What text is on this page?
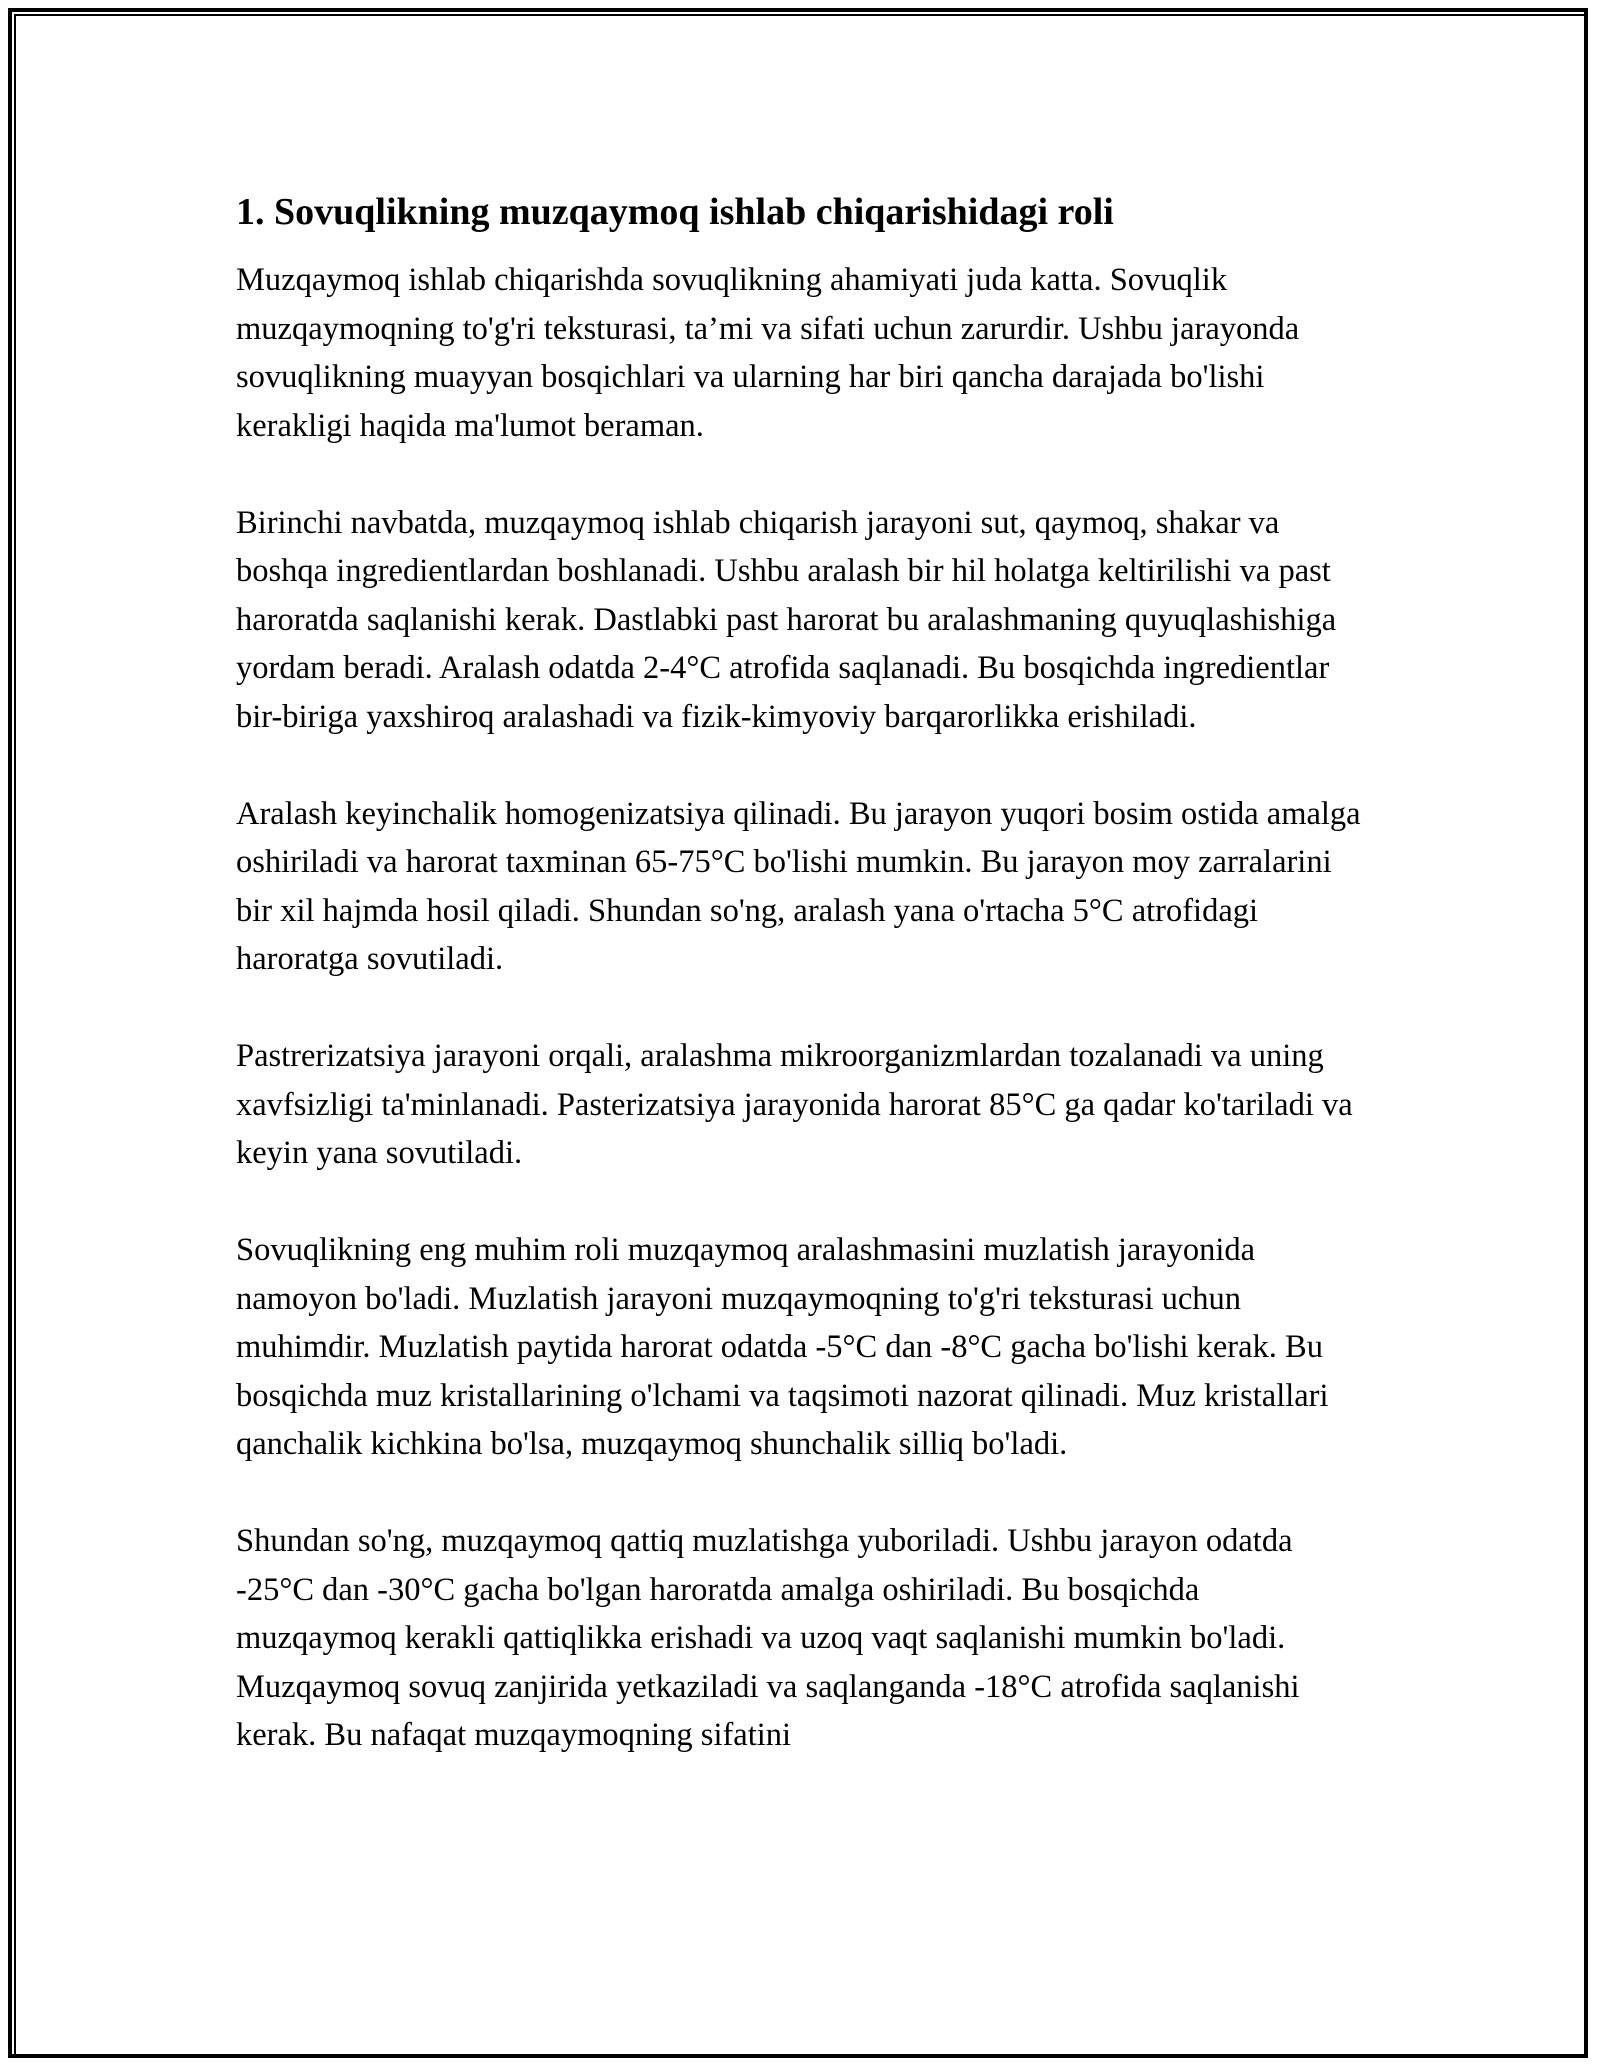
1. Sovuqlikning muzqaymoq ishlab chiqarishidagi roli

Muzqaymoq ishlab chiqarishda sovuqlikning ahamiyati juda katta. Sovuqlik muzqaymoqning to'g'ri teksturasi, ta’mi va sifati uchun zarurdir. Ushbu jarayonda sovuqlikning muayyan bosqichlari va ularning har biri qancha darajada bo'lishi kerakligi haqida ma'lumot beraman.

Birinchi navbatda, muzqaymoq ishlab chiqarish jarayoni sut, qaymoq, shakar va boshqa ingredientlardan boshlanadi. Ushbu aralash bir hil holatga keltirilishi va past haroratda saqlanishi kerak. Dastlabki past harorat bu aralashmaning quyuqlashishiga yordam beradi. Aralash odatda 2-4°C atrofida saqlanadi. Bu bosqichda ingredientlar bir-biriga yaxshiroq aralashadi va fizik-kimyoviy barqarorlikka erishiladi.

Aralash keyinchalik homogenizatsiya qilinadi. Bu jarayon yuqori bosim ostida amalga oshiriladi va harorat taxminan 65-75°C bo'lishi mumkin. Bu jarayon moy zarralarini bir xil hajmda hosil qiladi. Shundan so'ng, aralash yana o'rtacha 5°C atrofidagi haroratga sovutiladi.

Pastrerizatsiya jarayoni orqali, aralashma mikroorganizmlardan tozalanadi va uning xavfsizligi ta'minlanadi. Pasterizatsiya jarayonida harorat 85°C ga qadar ko'tariladi va keyin yana sovutiladi.

Sovuqlikning eng muhim roli muzqaymoq aralashmasini muzlatish jarayonida namoyon bo'ladi. Muzlatish jarayoni muzqaymoqning to'g'ri teksturasi uchun muhimdir. Muzlatish paytida harorat odatda -5°C dan -8°C gacha bo'lishi kerak. Bu bosqichda muz kristallarining o'lchami va taqsimoti nazorat qilinadi. Muz kristallari qanchalik kichkina bo'lsa, muzqaymoq shunchalik silliq bo'ladi.

Shundan so'ng, muzqaymoq qattiq muzlatishga yuboriladi. Ushbu jarayon odatda -25°C dan -30°C gacha bo'lgan haroratda amalga oshiriladi. Bu bosqichda muzqaymoq kerakli qattiqlikka erishadi va uzoq vaqt saqlanishi mumkin bo'ladi. Muzqaymoq sovuq zanjirida yetkaziladi va saqlanganda -18°C atrofida saqlanishi kerak. Bu nafaqat muzqaymoqning sifatini
